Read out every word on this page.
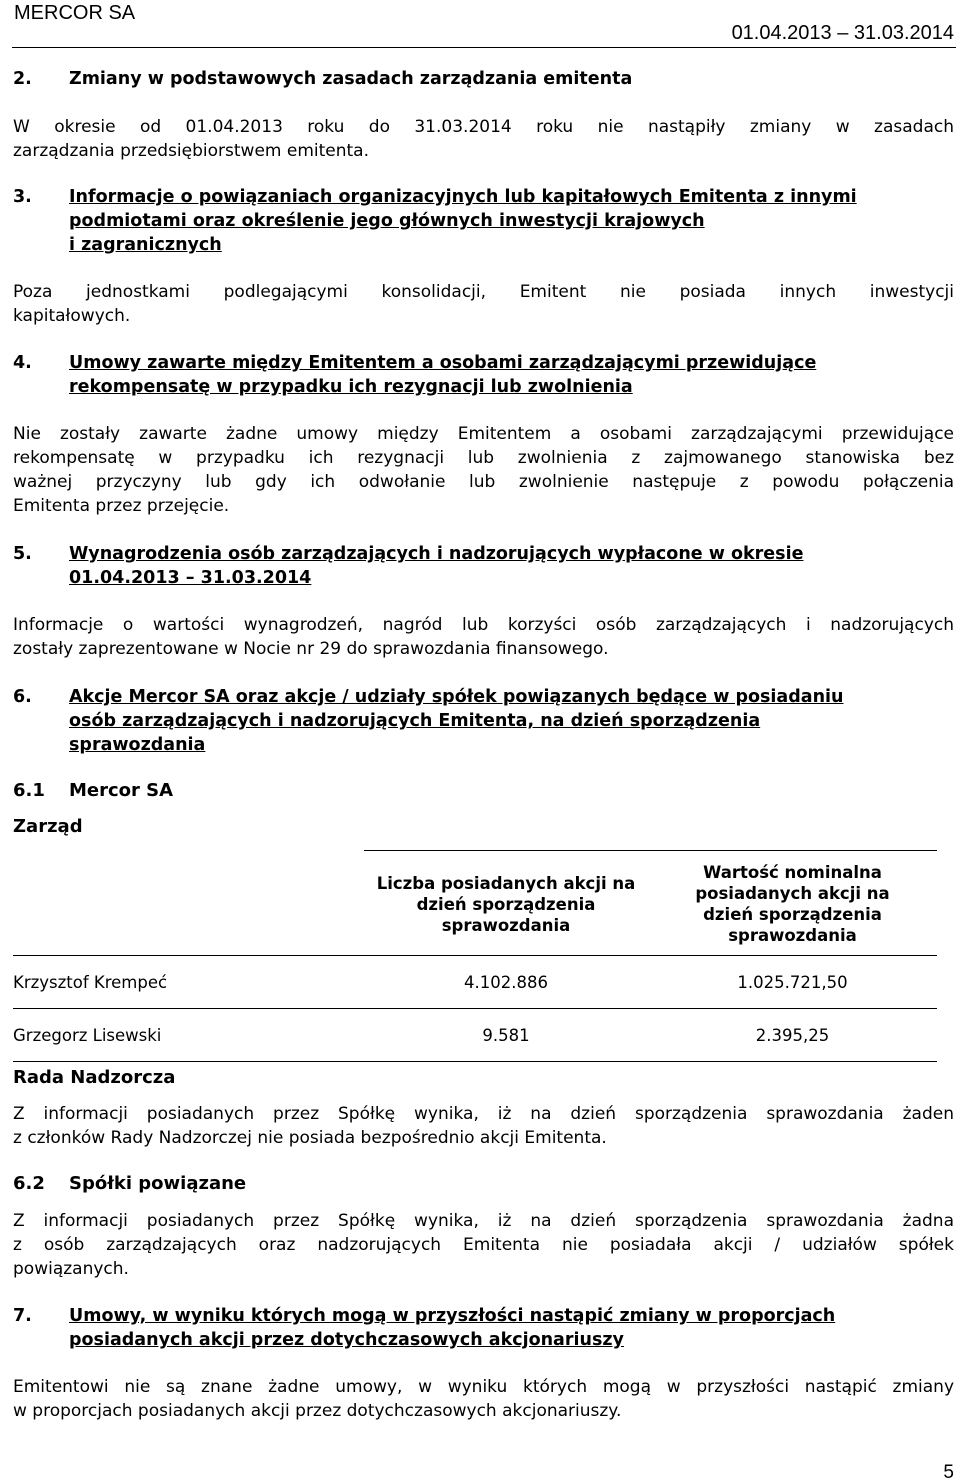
MERCOR SA
01.04.2013 – 31.03.2014
2. Zmiany w podstawowych zasadach zarządzania emitenta
W okresie od 01.04.2013 roku do 31.03.2014 roku nie nastąpiły zmiany w zasadach
zarządzania przedsiębiorstwem emitenta.
3. Informacje o powiązaniach organizacyjnych lub kapitałowych Emitenta z innymi
podmiotami oraz określenie jego głównych inwestycji krajowych
i zagranicznych
Poza jednostkami podlegającymi konsolidacji, Emitent nie posiada innych inwestycji
kapitałowych.
4. Umowy zawarte między Emitentem a osobami zarządzającymi przewidujące
rekompensatę w przypadku ich rezygnacji lub zwolnienia
Nie zostały zawarte żadne umowy między Emitentem a osobami zarządzającymi przewidujące
rekompensatę w przypadku ich rezygnacji lub zwolnienia z zajmowanego stanowiska bez
ważnej przyczyny lub gdy ich odwołanie lub zwolnienie następuje z powodu połączenia
Emitenta przez przejęcie.
5. Wynagrodzenia osób zarządzających i nadzorujących wypłacone w okresie
01.04.2013 – 31.03.2014
Informacje o wartości wynagrodzeń, nagród lub korzyści osób zarządzających i nadzorujących
zostały zaprezentowane w Nocie nr 29 do sprawozdania finansowego.
6. Akcje Mercor SA oraz akcje / udziały spółek powiązanych będące w posiadaniu
osób zarządzających i nadzorujących Emitenta, na dzień sporządzenia
sprawozdania
6.1 Mercor SA
Zarząd
	Liczba posiadanych akcji na dzień sporządzenia sprawozdania	Wartość nominalna posiadanych akcji na dzień sporządzenia sprawozdania
Krzysztof Krempeć	4.102.886	1.025.721,50
Grzegorz Lisewski	9.581	2.395,25
Rada Nadzorcza
Z informacji posiadanych przez Spółkę wynika, iż na dzień sporządzenia sprawozdania żaden
z członków Rady Nadzorczej nie posiada bezpośrednio akcji Emitenta.
6.2 Spółki powiązane
Z informacji posiadanych przez Spółkę wynika, iż na dzień sporządzenia sprawozdania żadna
z osób zarządzających oraz nadzorujących Emitenta nie posiadała akcji / udziałów spółek
powiązanych.
7. Umowy, w wyniku których mogą w przyszłości nastąpić zmiany w proporcjach
posiadanych akcji przez dotychczasowych akcjonariuszy
Emitentowi nie są znane żadne umowy, w wyniku których mogą w przyszłości nastąpić zmiany
w proporcjach posiadanych akcji przez dotychczasowych akcjonariuszy.
5
